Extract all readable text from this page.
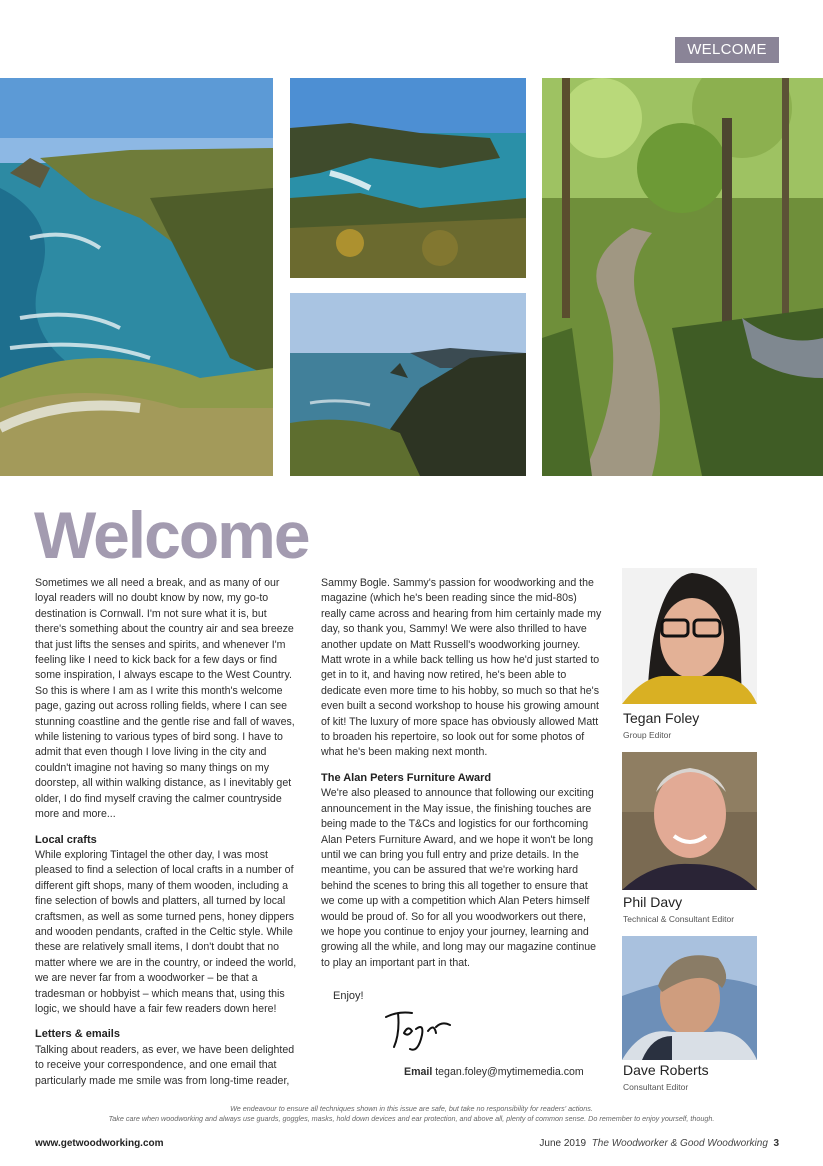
WELCOME
Welcome

Sometimes we all need a break, and as many of our loyal readers will no doubt know by now, my go-to destination is Cornwall. I'm not sure what it is, but there's something about the country air and sea breeze that just lifts the senses and spirits, and whenever I'm feeling like I need to kick back for a few days or find some inspiration, I always escape to the West Country. So this is where I am as I write this month's welcome page, gazing out across rolling fields, where I can see stunning coastline and the gentle rise and fall of waves, while listening to various types of bird song. I have to admit that even though I love living in the city and couldn't imagine not having so many things on my doorstep, all within walking distance, as I inevitably get older, I do find myself craving the calmer countryside more and more...

Local crafts

While exploring Tintagel the other day, I was most pleased to find a selection of local crafts in a number of different gift shops, many of them wooden, including a fine selection of bowls and platters, all turned by local craftsmen, as well as some turned pens, honey dippers and wooden pendants, crafted in the Celtic style. While these are relatively small items, I don't doubt that no matter where we are in the country, or indeed the world, we are never far from a woodworker – be that a tradesman or hobbyist – which means that, using this logic, we should have a fair few readers down here!

Letters & emails

Talking about readers, as ever, we have been delighted to receive your correspondence, and one email that particularly made me smile was from long-time reader,

Sammy Bogle. Sammy's passion for woodworking and the magazine (which he's been reading since the mid-80s) really came across and hearing from him certainly made my day, so thank you, Sammy! We were also thrilled to have another update on Matt Russell's woodworking journey. Matt wrote in a while back telling us how he'd just started to get in to it, and having now retired, he's been able to dedicate even more time to his hobby, so much so that he's even built a second workshop to house his growing amount of kit! The luxury of more space has obviously allowed Matt to broaden his repertoire, so look out for some photos of what he's been making next month.

The Alan Peters Furniture Award

We're also pleased to announce that following our exciting announcement in the May issue, the finishing touches are being made to the T&Cs and logistics for our forthcoming Alan Peters Furniture Award, and we hope it won't be long until we can bring you full entry and prize details. In the meantime, you can be assured that we're working hard behind the scenes to bring this all together to ensure that we come up with a competition which Alan Peters himself would be proud of. So for all you woodworkers out there, we hope you continue to enjoy your journey, learning and growing all the while, and long may our magazine continue to play an important part in that.

Enjoy!
Email tegan.foley@mytimemedia.com
Tegan Foley
Group Editor
Phil Davy
Technical & Consultant Editor
Dave Roberts
Consultant Editor
We endeavour to ensure all techniques shown in this issue are safe, but take no responsibility for readers' actions.
Take care when woodworking and always use guards, goggles, masks, hold down devices and ear protection, and above all, plenty of common sense. Do remember to enjoy yourself, though.
www.getwoodworking.com	June 2019 The Woodworker & Good Woodworking 3
